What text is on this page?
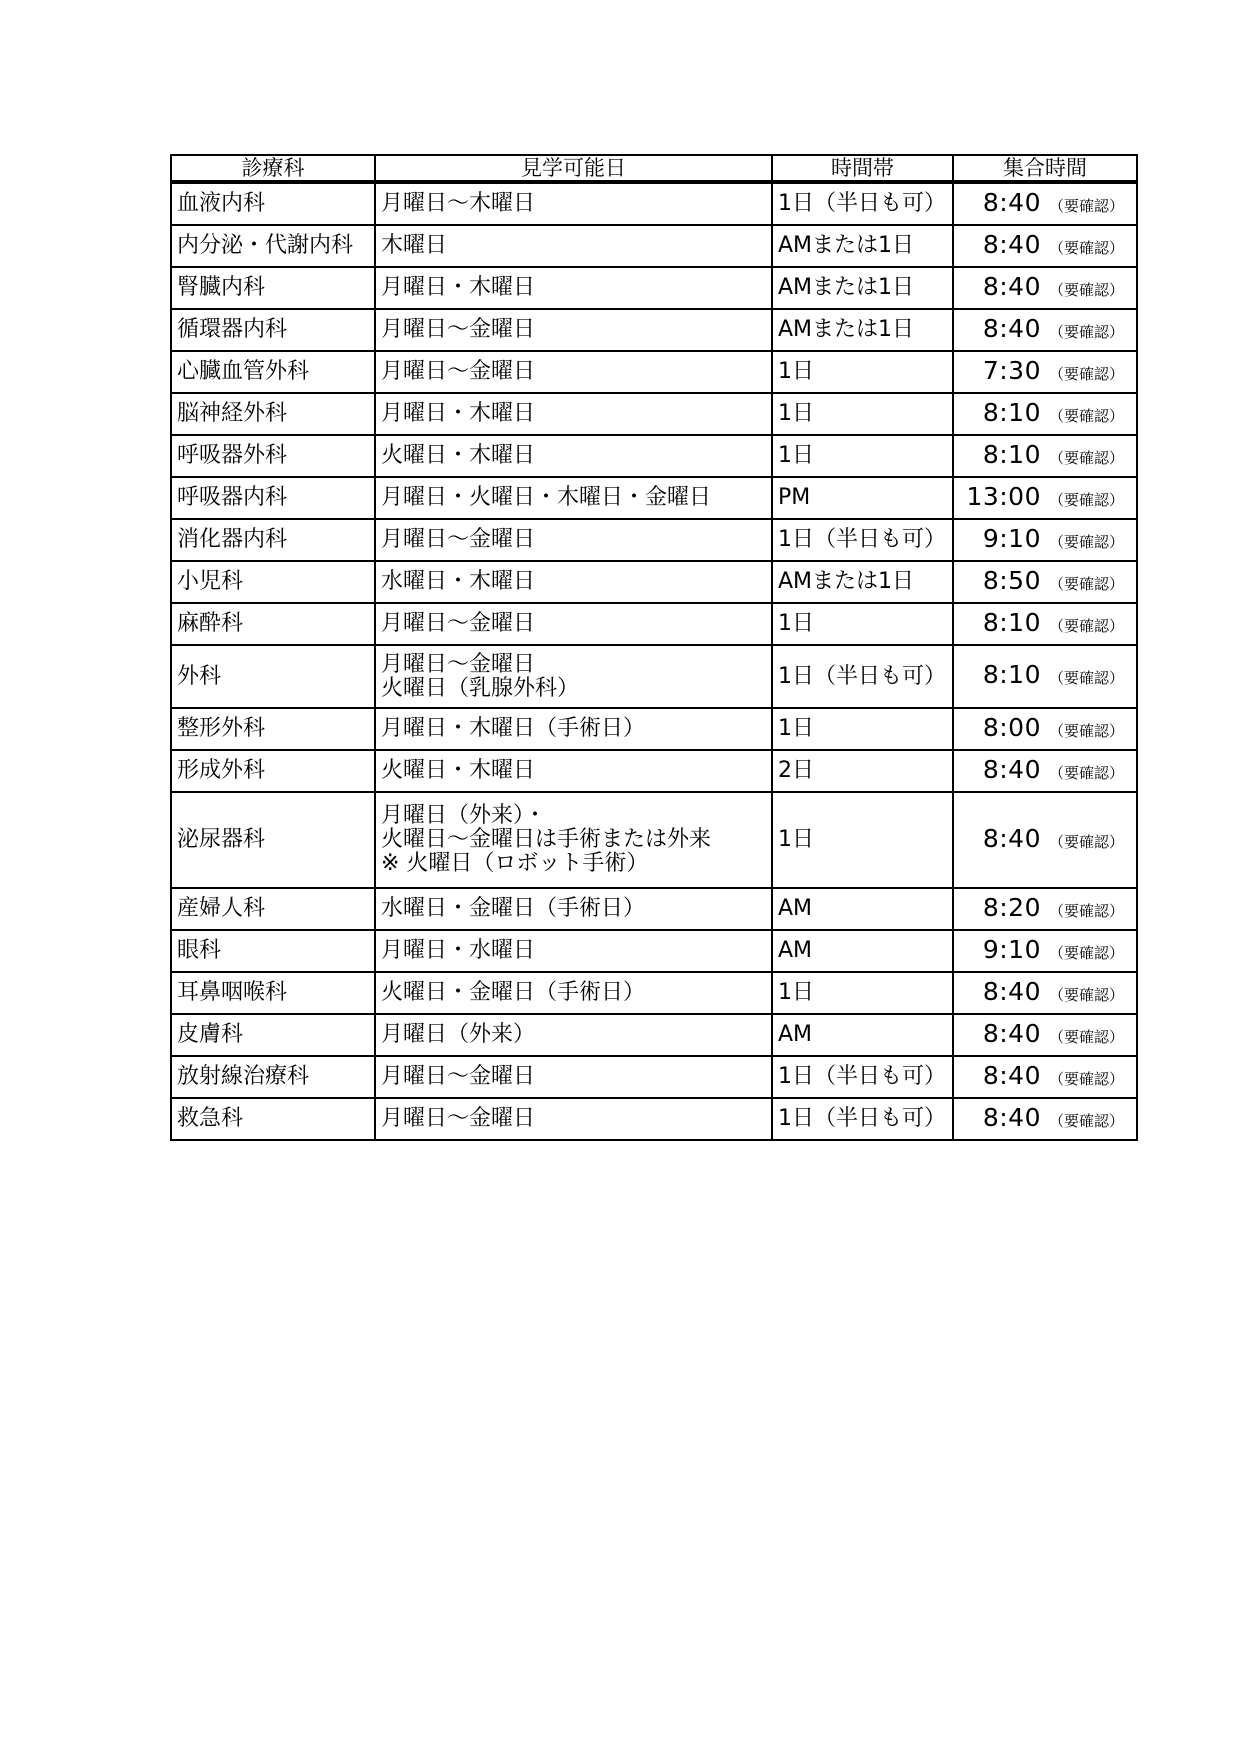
診療科	見学可能日	時間帯	集合時間
血液内科	月曜日～木曜日	1日（半日も可）	8:40 （要確認）
内分泌・代謝内科	木曜日	AMまたは1日	8:40 （要確認）
腎臓内科	月曜日・木曜日	AMまたは1日	8:40 （要確認）
循環器内科	月曜日～金曜日	AMまたは1日	8:40 （要確認）
心臓血管外科	月曜日～金曜日	1日	7:30 （要確認）
脳神経外科	月曜日・木曜日	1日	8:10 （要確認）
呼吸器外科	火曜日・木曜日	1日	8:10 （要確認）
呼吸器内科	月曜日・火曜日・木曜日・金曜日	PM	13:00 （要確認）
消化器内科	月曜日～金曜日	1日（半日も可）	9:10 （要確認）
小児科	水曜日・木曜日	AMまたは1日	8:50 （要確認）
麻酔科	月曜日～金曜日	1日	8:10 （要確認）
外科	月曜日～金曜日
火曜日（乳腺外科）	1日（半日も可）	8:10 （要確認）
整形外科	月曜日・木曜日（手術日）	1日	8:00 （要確認）
形成外科	火曜日・木曜日	2日	8:40 （要確認）
泌尿器科	月曜日（外来）・
火曜日～金曜日は手術または外来
※ 火曜日（ロボット手術）	1日	8:40 （要確認）
産婦人科	水曜日・金曜日（手術日）	AM	8:20 （要確認）
眼科	月曜日・水曜日	AM	9:10 （要確認）
耳鼻咽喉科	火曜日・金曜日（手術日）	1日	8:40 （要確認）
皮膚科	月曜日（外来）	AM	8:40 （要確認）
放射線治療科	月曜日～金曜日	1日（半日も可）	8:40 （要確認）
救急科	月曜日～金曜日	1日（半日も可）	8:40 （要確認）
